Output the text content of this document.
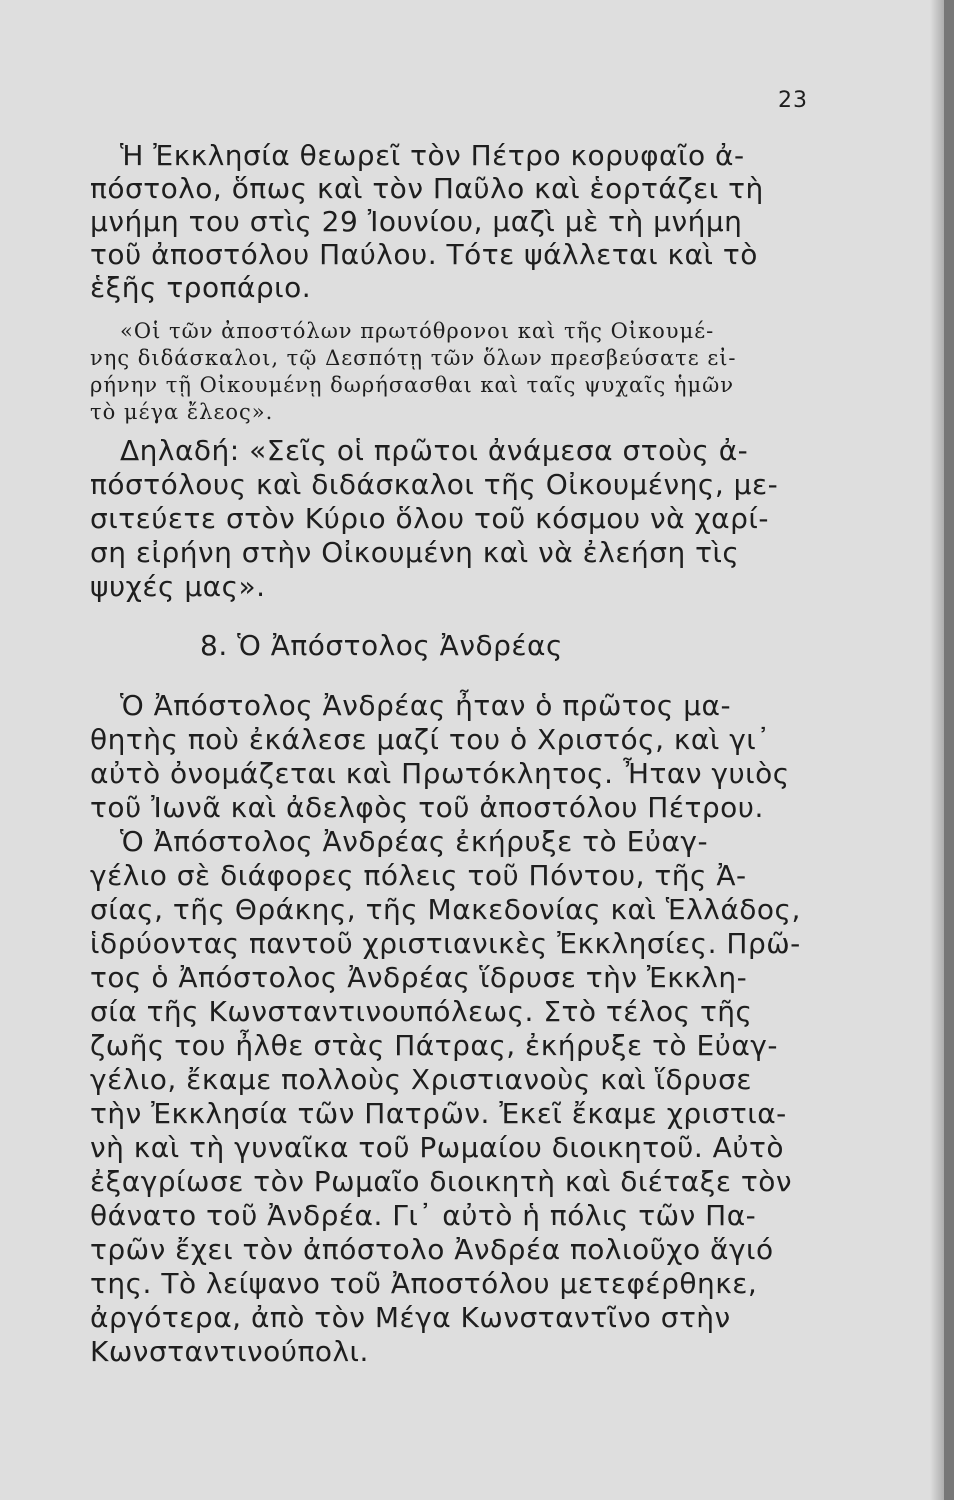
23

Ἡ Ἐκκλησία θεωρεῖ τὸν Πέτρο κορυφαῖο ἀ-

πόστολο, ὅπως καὶ τὸν Παῦλο καὶ ἑορτάζει τὴ

μνήμη του στὶς 29 Ἰουνίου, μαζὶ μὲ τὴ μνήμη

τοῦ ἀποστόλου Παύλου. Τότε ψάλλεται καὶ τὸ

ἑξῆς τροπάριο.

«Οἱ τῶν ἀποστόλων πρωτόθρονοι καὶ τῆς Οἰκουμέ-

νης διδάσκαλοι, τῷ Δεσπότῃ τῶν ὅλων πρεσβεύσατε εἰ-

ρήνην τῇ Οἰκουμένῃ δωρήσασθαι καὶ ταῖς ψυχαῖς ἡμῶν

τὸ μέγα ἔλεος».

Δηλαδή: «Σεῖς οἱ πρῶτοι ἀνάμεσα στοὺς ἀ-

πόστόλους καὶ διδάσκαλοι τῆς Οἰκουμένης, με-

σιτεύετε στὸν Κύριο ὅλου τοῦ κόσμου νὰ χαρί-

ση εἰρήνη στὴν Οἰκουμένη καὶ νὰ ἐλεήση τὶς

ψυχές μας».

8. Ὁ Ἀπόστολος Ἀνδρέας

Ὁ Ἀπόστολος Ἀνδρέας ἦταν ὁ πρῶτος μα-

θητὴς ποὺ ἐκάλεσε μαζί του ὁ Χριστός, καὶ γι᾿

αὐτὸ ὀνομάζεται καὶ Πρωτόκλητος. Ἦταν γυιὸς

τοῦ Ἰωνᾶ καὶ ἀδελφὸς τοῦ ἀποστόλου Πέτρου.

Ὁ Ἀπόστολος Ἀνδρέας ἐκήρυξε τὸ Εὐαγ-

γέλιο σὲ διάφορες πόλεις τοῦ Πόντου, τῆς Ἀ-

σίας, τῆς Θράκης, τῆς Μακεδονίας καὶ Ἑλλάδος,

ἱδρύοντας παντοῦ χριστιανικὲς Ἐκκλησίες. Πρῶ-

τος ὁ Ἀπόστολος Ἀνδρέας ἵδρυσε τὴν Ἐκκλη-

σία τῆς Κωνσταντινουπόλεως. Στὸ τέλος τῆς

ζωῆς του ἦλθε στὰς Πάτρας, ἐκήρυξε τὸ Εὐαγ-

γέλιο, ἔκαμε πολλοὺς Χριστιανοὺς καὶ ἵδρυσε

τὴν Ἐκκλησία τῶν Πατρῶν. Ἐκεῖ ἔκαμε χριστια-

νὴ καὶ τὴ γυναῖκα τοῦ Ρωμαίου διοικητοῦ. Αὐτὸ

ἐξαγρίωσε τὸν Ρωμαῖο διοικητὴ καὶ διέταξε τὸν

θάνατο τοῦ Ἀνδρέα. Γι᾿ αὐτὸ ἡ πόλις τῶν Πα-

τρῶν ἔχει τὸν ἀπόστολο Ἀνδρέα πολιοῦχο ἅγιό

της. Τὸ λείψανο τοῦ Ἀποστόλου μετεφέρθηκε,

ἀργότερα, ἀπὸ τὸν Μέγα Κωνσταντῖνο στὴν

Κωνσταντινούπολι.
